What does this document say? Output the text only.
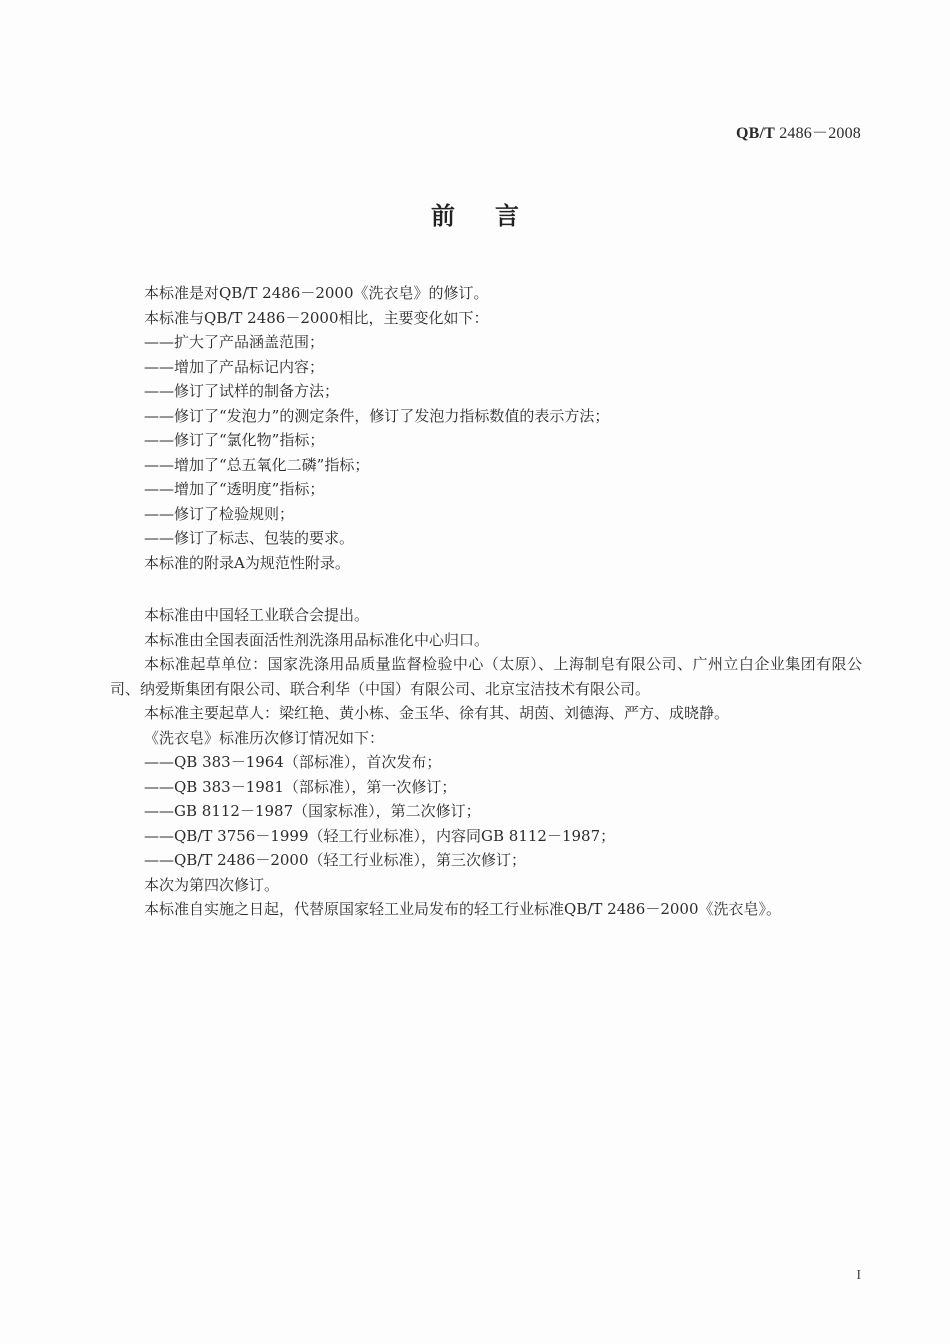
QB/T 2486－2008
前言
本标准是对QB/T 2486－2000《洗衣皂》的修订。
本标准与QB/T 2486－2000相比，主要变化如下：
——扩大了产品涵盖范围；
——增加了产品标记内容；
——修订了试样的制备方法；
——修订了“发泡力”的测定条件，修订了发泡力指标数值的表示方法；
——修订了“氯化物”指标；
——增加了“总五氧化二磷”指标；
——增加了“透明度”指标；
——修订了检验规则；
——修订了标志、包装的要求。
本标准的附录A为规范性附录。
本标准由中国轻工业联合会提出。
本标准由全国表面活性剂洗涤用品标准化中心归口。
本标准起草单位：国家洗涤用品质量监督检验中心（太原）、上海制皂有限公司、广州立白企业集团有限公司、纳爱斯集团有限公司、联合利华（中国）有限公司、北京宝洁技术有限公司。
本标准主要起草人：梁红艳、黄小栋、金玉华、徐有其、胡茵、刘德海、严方、成晓静。
《洗衣皂》标准历次修订情况如下：
——QB 383－1964（部标准），首次发布；
——QB 383－1981（部标准），第一次修订；
——GB 8112－1987（国家标准），第二次修订；
——QB/T 3756－1999（轻工行业标准），内容同GB 8112－1987；
——QB/T 2486－2000（轻工行业标准），第三次修订；
本次为第四次修订。
本标准自实施之日起，代替原国家轻工业局发布的轻工行业标准QB/T 2486－2000《洗衣皂》。
I
